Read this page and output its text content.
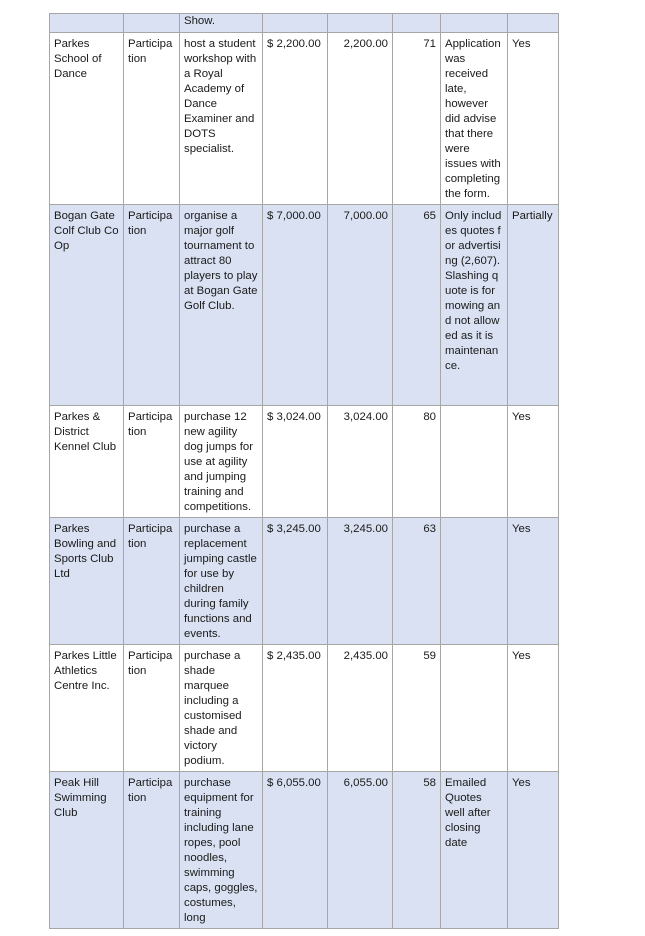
		Show.					

Parkes School of Dance	Participation	host a student workshop with a Royal Academy of Dance Examiner and DOTS specialist.	$ 2,200.00	2,200.00	71	Application was received late, however did advise that there were issues with completing the form.	Yes

Bogan Gate Colf Club Co Op	Participation	organise a major golf tournament to attract 80 players to play at Bogan Gate Golf Club.	$ 7,000.00	7,000.00	65	Only includes quotes for advertising (2,607). Slashing quote is for mowing and not allowed as it is maintenance.	Partially

Parkes & District Kennel Club	Participation	purchase 12 new agility dog jumps for use at agility and jumping training and competitions.	$ 3,024.00	3,024.00	80		Yes

Parkes Bowling and Sports Club Ltd	Participation	purchase a replacement jumping castle for use by children during family functions and events.	$ 3,245.00	3,245.00	63		Yes

Parkes Little Athletics Centre Inc.	Participation	purchase a shade marquee including a customised shade and victory podium.	$ 2,435.00	2,435.00	59		Yes

Peak Hill Swimming Club	Participation	purchase equipment for training including lane ropes, pool noodles, swimming caps, goggles, costumes, long	$ 6,055.00	6,055.00	58	Emailed Quotes well after closing date	Yes
